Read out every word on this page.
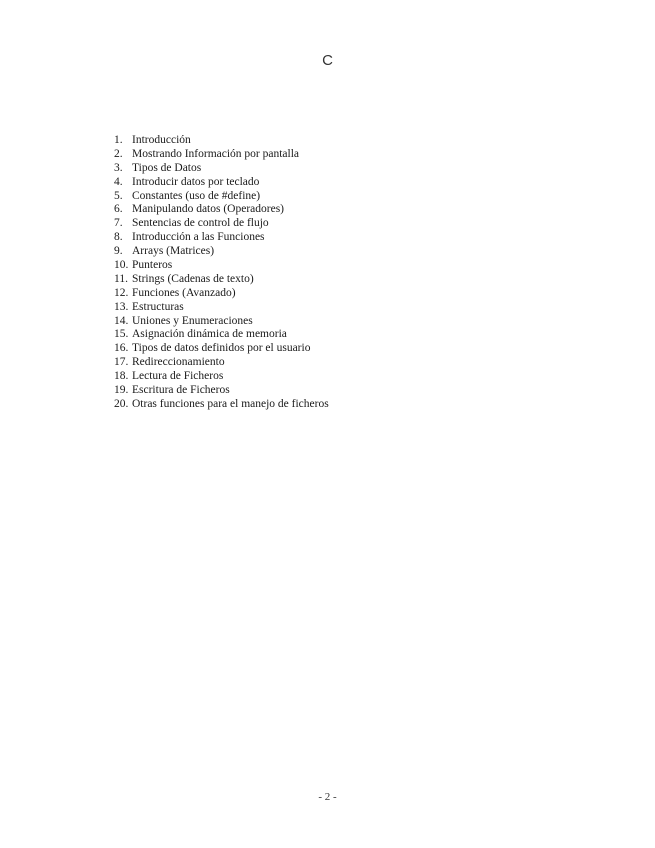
C
1. Introducción
2. Mostrando Información por pantalla
3. Tipos de Datos
4. Introducir datos por teclado
5. Constantes (uso de #define)
6. Manipulando datos (Operadores)
7. Sentencias de control de flujo
8. Introducción a las Funciones
9. Arrays (Matrices)
10. Punteros
11. Strings (Cadenas de texto)
12. Funciones (Avanzado)
13. Estructuras
14. Uniones y Enumeraciones
15. Asignación dinámica de memoria
16. Tipos de datos definidos por el usuario
17. Redireccionamiento
18. Lectura de Ficheros
19. Escritura de Ficheros
20. Otras funciones para el manejo de ficheros
- 2 -
